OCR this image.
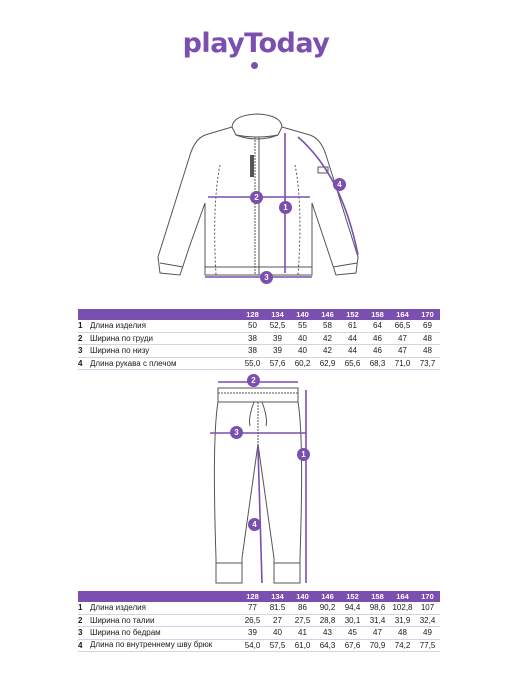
playToday
2
1
4
3
		128	134	140	146	152	158	164	170
1	Длина изделия	50	52,5	55	58	61	64	66,5	69
2	Ширина по груди	38	39	40	42	44	46	47	48
3	Ширина по низу	38	39	40	42	44	46	47	48
4	Длина рукава с плечом	55,0	57,6	60,2	62,9	65,6	68,3	71,0	73,7
2
3
1
4
		128	134	140	146	152	158	164	170
1	Длина изделия	77	81.5	86	90,2	94,4	98,6	102,8	107
2	Ширина по талии	26,5	27	27,5	28,8	30,1	31,4	31,9	32,4
3	Ширина по бедрам	39	40	41	43	45	47	48	49
4	Длина по внутреннему шву брюк	54,0	57,5	61,0	64,3	67,6	70,9	74,2	77,5
